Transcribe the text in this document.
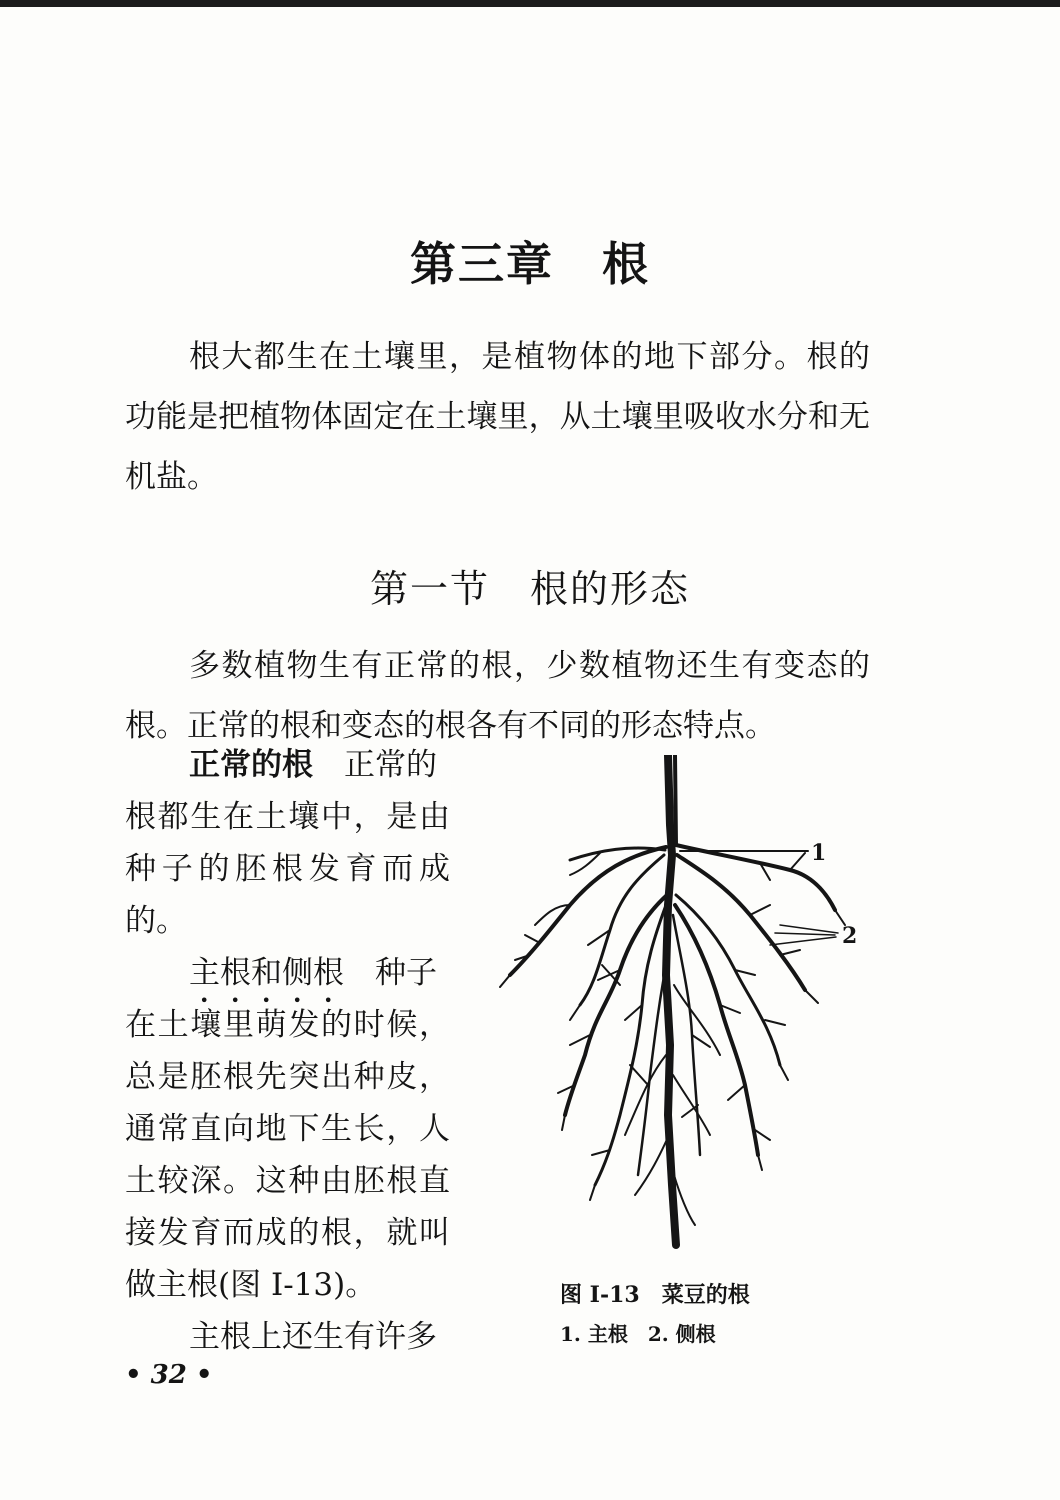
第三章　根
根大都生在土壤里，是植物体的地下部分。根的功能是把植物体固定在土壤里，从土壤里吸收水分和无机盐。
第一节　根的形态
多数植物生有正常的根，少数植物还生有变态的根。正常的根和变态的根各有不同的形态特点。
正常的根　 正常的
根都生在土壤中，是由
种子的胚根发育而成
的。
主根和侧根　 种子
在土壤里萌发的时候，
总是胚根先突出种皮，
通常直向地下生长，人
土较深。这种由胚根直
接发育而成的根，就叫
做主根(图 I-13)。
主根上还生有许多
1
2
图 I-13　菜豆的根
1. 主根　2. 侧根
• 32 •
